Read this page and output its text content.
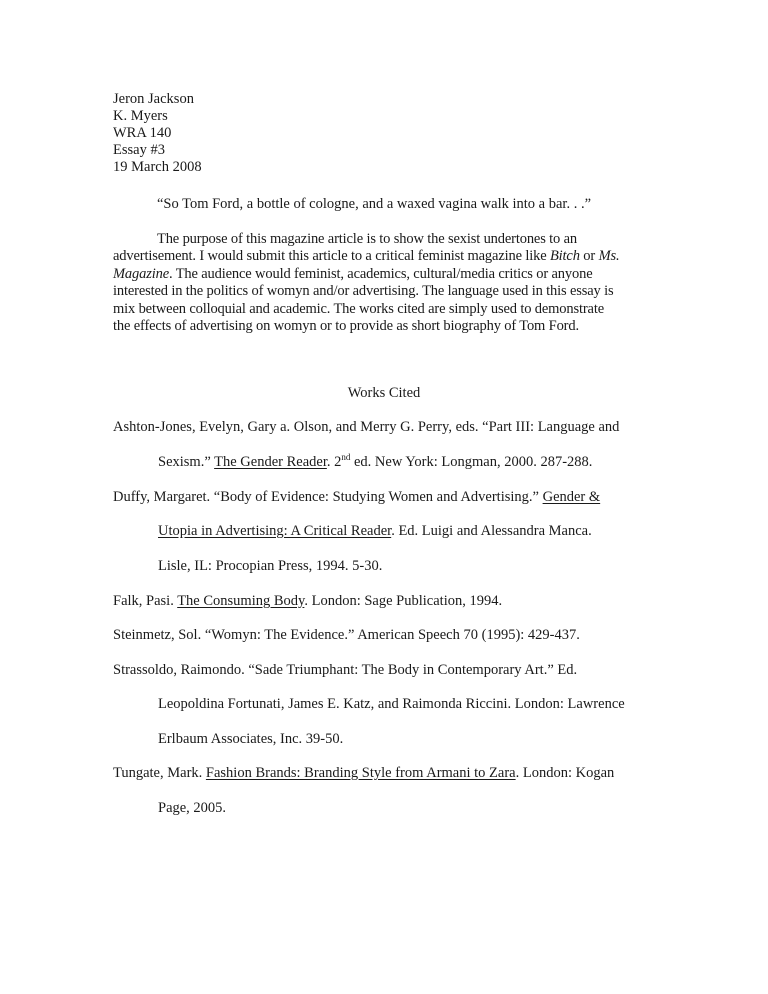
Jeron Jackson
K. Myers
WRA 140
Essay #3
19 March 2008
“So Tom Ford, a bottle of cologne, and a waxed vagina walk into a bar. . .”
The purpose of this magazine article is to show the sexist undertones to an
advertisement. I would submit this article to a critical feminist magazine like Bitch or Ms.
Magazine. The audience would feminist, academics, cultural/media critics or anyone
interested in the politics of womyn and/or advertising. The language used in this essay is
mix between colloquial and academic. The works cited are simply used to demonstrate
the effects of advertising on womyn or to provide as short biography of Tom Ford.
Works Cited
Ashton-Jones, Evelyn, Gary a. Olson, and Merry G. Perry, eds. “Part III: Language and
Sexism.” The Gender Reader. 2nd ed. New York: Longman, 2000. 287-288.
Duffy, Margaret. “Body of Evidence: Studying Women and Advertising.” Gender &
Utopia in Advertising: A Critical Reader. Ed. Luigi and Alessandra Manca.
Lisle, IL: Procopian Press, 1994. 5-30.
Falk, Pasi. The Consuming Body. London: Sage Publication, 1994.
Steinmetz, Sol. “Womyn: The Evidence.” American Speech 70 (1995): 429-437.
Strassoldo, Raimondo. “Sade Triumphant: The Body in Contemporary Art.” Ed.
Leopoldina Fortunati, James E. Katz, and Raimonda Riccini. London: Lawrence
Erlbaum Associates, Inc. 39-50.
Tungate, Mark. Fashion Brands: Branding Style from Armani to Zara. London: Kogan
Page, 2005.
